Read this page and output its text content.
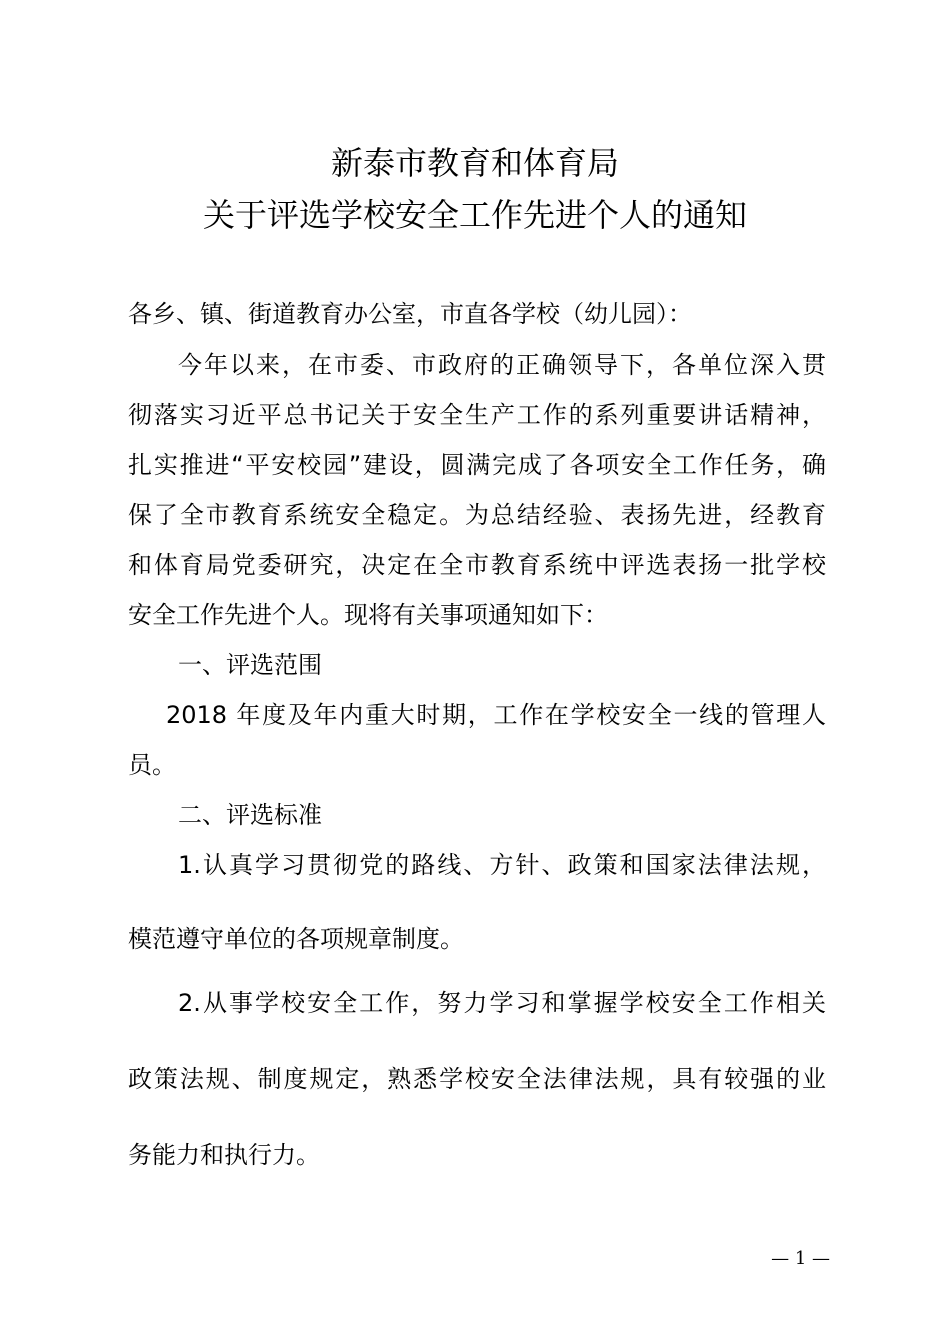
新泰市教育和体育局
关于评选学校安全工作先进个人的通知
各乡、镇、街道教育办公室，市直各学校（幼儿园）：
今年以来，在市委、市政府的正确领导下，各单位深入贯
彻落实习近平总书记关于安全生产工作的系列重要讲话精神，
扎实推进“平安校园”建设，圆满完成了各项安全工作任务，确
保了全市教育系统安全稳定。为总结经验、表扬先进，经教育
和体育局党委研究，决定在全市教育系统中评选表扬一批学校
安全工作先进个人。现将有关事项通知如下：
一、评选范围
2018 年度及年内重大时期，工作在学校安全一线的管理人
员。
二、评选标准
1.认真学习贯彻党的路线、方针、政策和国家法律法规，
模范遵守单位的各项规章制度。
2.从事学校安全工作，努力学习和掌握学校安全工作相关
政策法规、制度规定，熟悉学校安全法律法规，具有较强的业
务能力和执行力。
— 1 —
